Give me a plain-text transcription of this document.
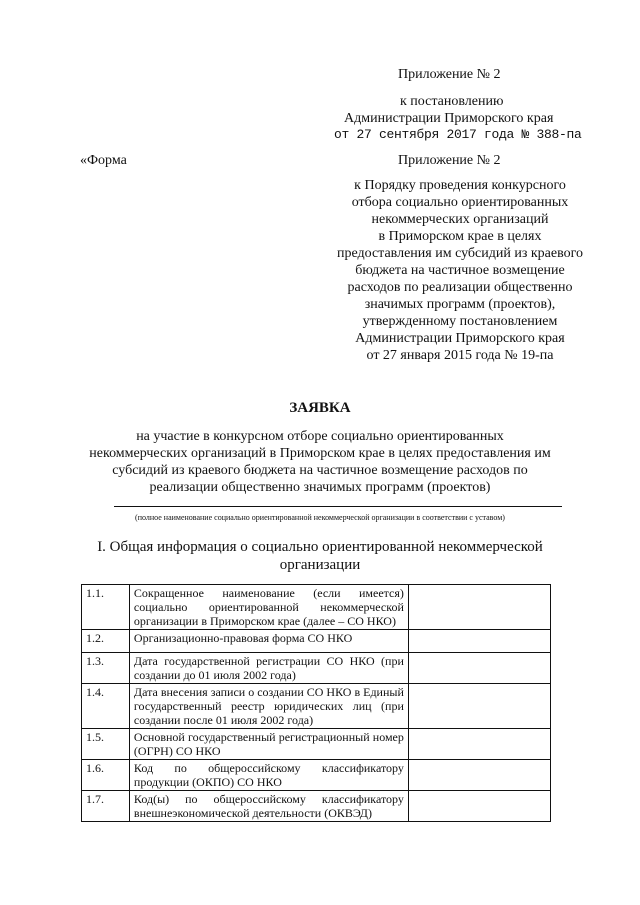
Приложение № 2
к постановлению
Администрации Приморского края
от 27 сентября 2017 года № 388-па
«Форма	Приложение № 2
к Порядку проведения конкурсного
отбора социально ориентированных
некоммерческих организаций
в Приморском крае в целях
предоставления им субсидий из краевого
бюджета на частичное возмещение
расходов по реализации общественно
значимых программ (проектов),
утвержденному постановлением
Администрации Приморского края
от 27 января 2015 года № 19-па
ЗАЯВКА
на участие в конкурсном отборе социально ориентированных
некоммерческих организаций в Приморском крае в целях предоставления им
субсидий из краевого бюджета на частичное возмещение расходов по
реализации общественно значимых программ (проектов)
(полное наименование социально ориентированной некоммерческой организации в соответствии с уставом)
I. Общая информация о социально ориентированной некоммерческой
организации
1.1.	Сокращенное наименование (если имеется) социально ориентированной некоммерческой организации в Приморском крае (далее – СО НКО)	
1.2.	Организационно-правовая форма СО НКО	
1.3.	Дата государственной регистрации СО НКО (при создании до 01 июля 2002 года)	
1.4.	Дата внесения записи о создании СО НКО в Единый государственный реестр юридических лиц (при создании после 01 июля 2002 года)	
1.5.	Основной государственный регистрационный номер (ОГРН) СО НКО	
1.6.	Код по общероссийскому классификатору продукции (ОКПО) СО НКО	
1.7.	Код(ы) по общероссийскому классификатору внешнеэкономической деятельности (ОКВЭД)	
